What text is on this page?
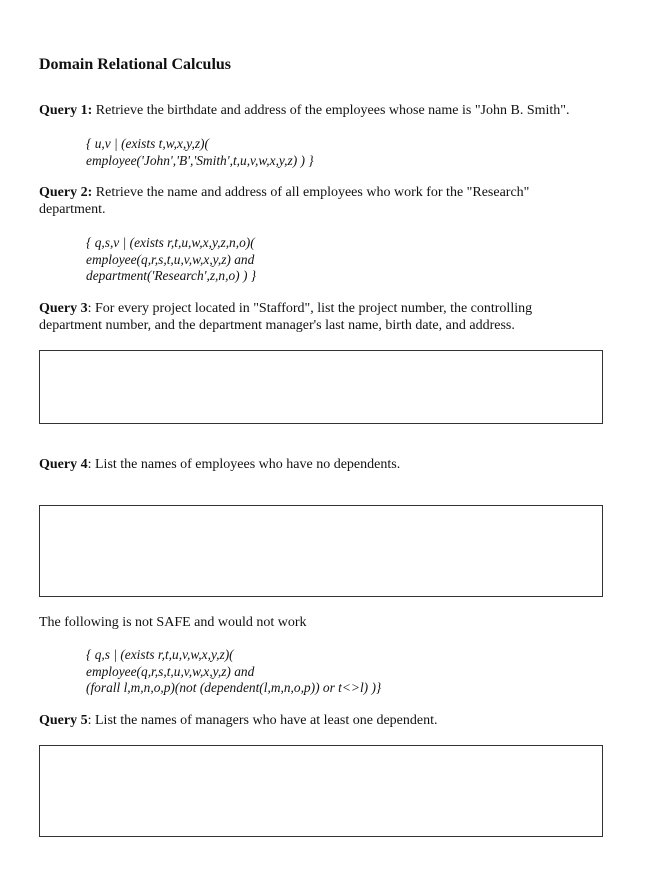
Domain Relational Calculus

Query 1: Retrieve the birthdate and address of the employees whose name is "John B. Smith".

{ u,v | (exists t,w,x,y,z)(
employee('John','B','Smith',t,u,v,w,x,y,z) ) }
Query 2: Retrieve the name and address of all employees who work for the "Research"
department.
{ q,s,v | (exists r,t,u,w,x,y,z,n,o)(
employee(q,r,s,t,u,v,w,x,y,z) and
department('Research',z,n,o) ) }
Query 3: For every project located in "Stafford", list the project number, the controlling
department number, and the department manager's last name, birth date, and address.

Query 4: List the names of employees who have no dependents.

The following is not SAFE and would not work

{ q,s | (exists r,t,u,v,w,x,y,z)(
employee(q,r,s,t,u,v,w,x,y,z) and
(forall l,m,n,o,p)(not (dependent(l,m,n,o,p)) or t<>l) )}

Query 5: List the names of managers who have at least one dependent.
